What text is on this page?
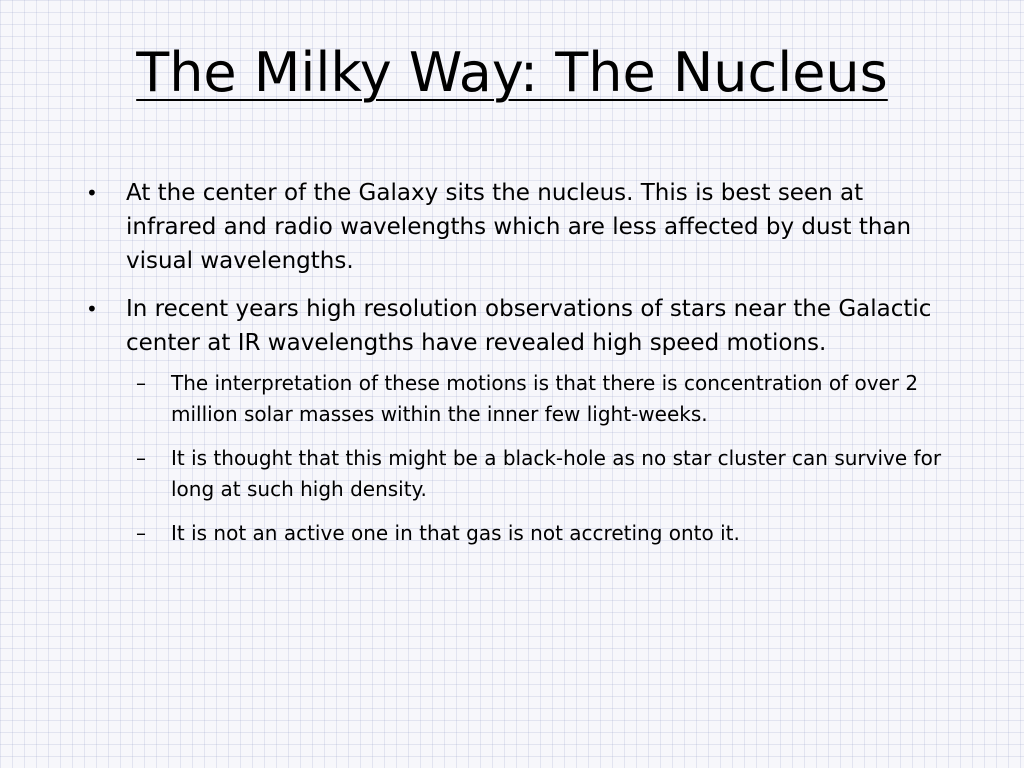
The Milky Way: The Nucleus
• At the center of the Galaxy sits the nucleus. This is best seen at infrared and radio wavelengths which are less affected by dust than visual wavelengths.
• In recent years high resolution observations of stars near the Galactic center at IR wavelengths have revealed high speed motions.
– The interpretation of these motions is that there is concentration of over 2 million solar masses within the inner few light-weeks.
– It is thought that this might be a black-hole as no star cluster can survive for long at such high density.
– It is not an active one in that gas is not accreting onto it.
